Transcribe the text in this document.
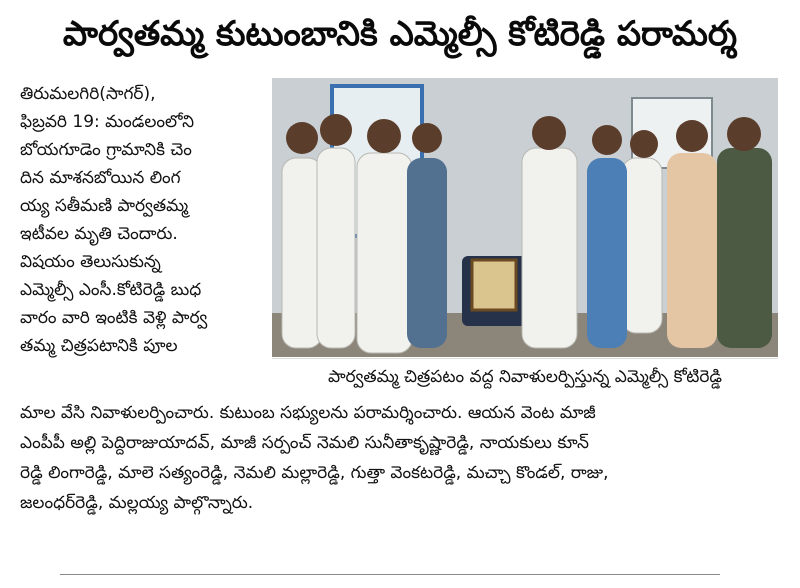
పార్వతమ్మ కుటుంబానికి ఎమ్మెల్సీ కోటిరెడ్డి పరామర్శ
తిరుమలగిరి(సాగర్),
ఫిబ్రవరి 19: మండలంలోని
బోయగూడెం గ్రామానికి చెం
దిన మాశనబోయిన లింగ
య్య సతీమణి పార్వతమ్మ
ఇటీవల మృతి చెందారు.
విషయం తెలుసుకున్న
ఎమ్మెల్సీ ఎంసీ.కోటిరెడ్డి బుధ
వారం వారి ఇంటికి వెళ్లి పార్వ
తమ్మ చిత్రపటానికి పూల
పార్వతమ్మ చిత్రపటం వద్ద నివాళులర్పిస్తున్న ఎమ్మెల్సీ కోటిరెడ్డి
మాల వేసి నివాళులర్పించారు. కుటుంబ సభ్యులను పరామర్శించారు. ఆయన వెంట మాజీ
ఎంపీపీ అల్లి పెద్దిరాజుయాదవ్, మాజీ సర్పంచ్ నెమలి సునీతాకృష్ణారెడ్డి, నాయకులు కూన్
రెడ్డి లింగారెడ్డి, మాలె సత్యంరెడ్డి, నెమలి మల్లారెడ్డి, గుత్తా వెంకటరెడ్డి, మచ్చా కొండల్, రాజు,
జలంధర్‌రెడ్డి, మల్లయ్య పాల్గొన్నారు.
